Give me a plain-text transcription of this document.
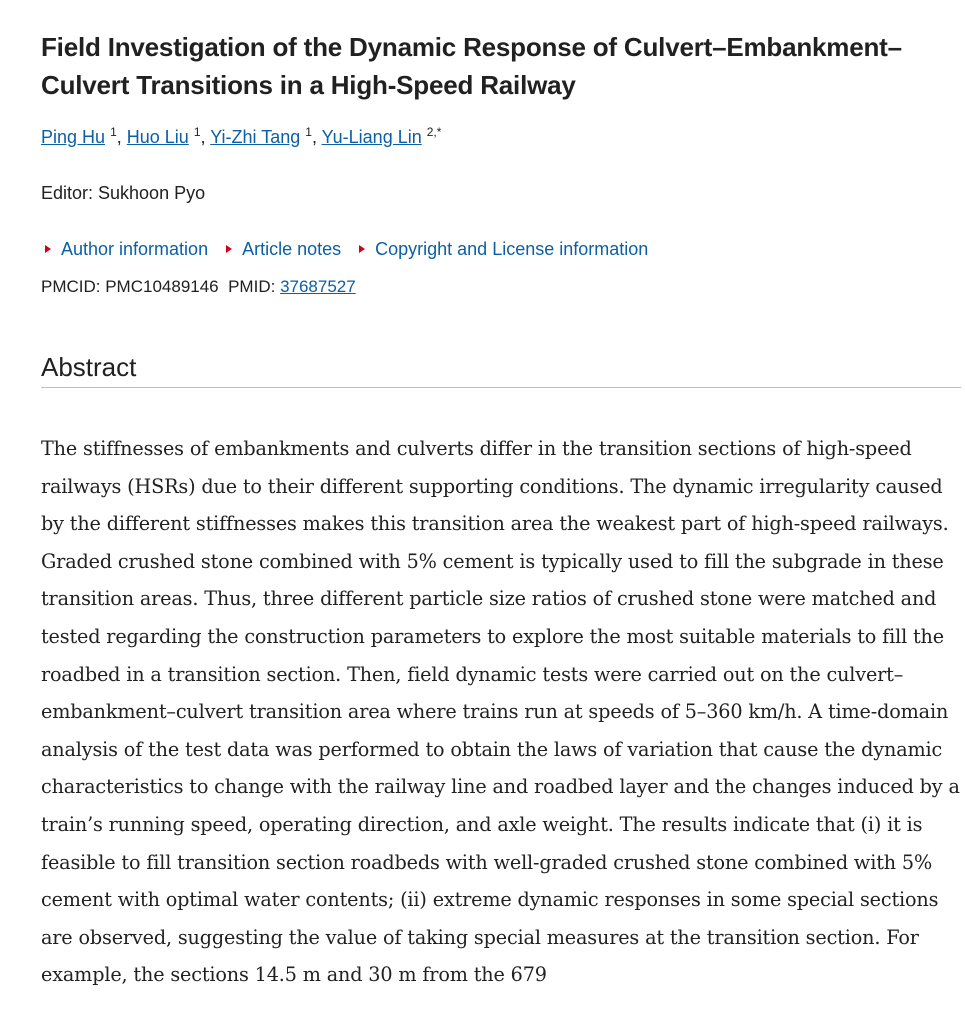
Field Investigation of the Dynamic Response of Culvert–Embankment–Culvert Transitions in a High-Speed Railway
Ping Hu $^1$, Huo Liu $^1$, Yi-Zhi Tang $^1$, Yu-Liang Lin $^{2,*}$
Editor: Sukhoon Pyo
Author information Article notes Copyright and License information
PMCID: PMC10489146 PMID: 37687527
Abstract

The stiffnesses of embankments and culverts differ in the transition sections of high-speed railways (HSRs) due to their different supporting conditions. The dynamic irregularity caused by the different stiffnesses makes this transition area the weakest part of high-speed railways. Graded crushed stone combined with 5% cement is typically used to fill the subgrade in these transition areas. Thus, three different particle size ratios of crushed stone were matched and tested regarding the construction parameters to explore the most suitable materials to fill the roadbed in a transition section. Then, field dynamic tests were carried out on the culvert–embankment–culvert transition area where trains run at speeds of 5–360 km/h. A time-domain analysis of the test data was performed to obtain the laws of variation that cause the dynamic characteristics to change with the railway line and roadbed layer and the changes induced by a train’s running speed, operating direction, and axle weight. The results indicate that (i) it is feasible to fill transition section roadbeds with well-graded crushed stone combined with 5% cement with optimal water contents; (ii) extreme dynamic responses in some special sections are observed, suggesting the value of taking special measures at the transition section. For example, the sections 14.5 m and 30 m from the 679
